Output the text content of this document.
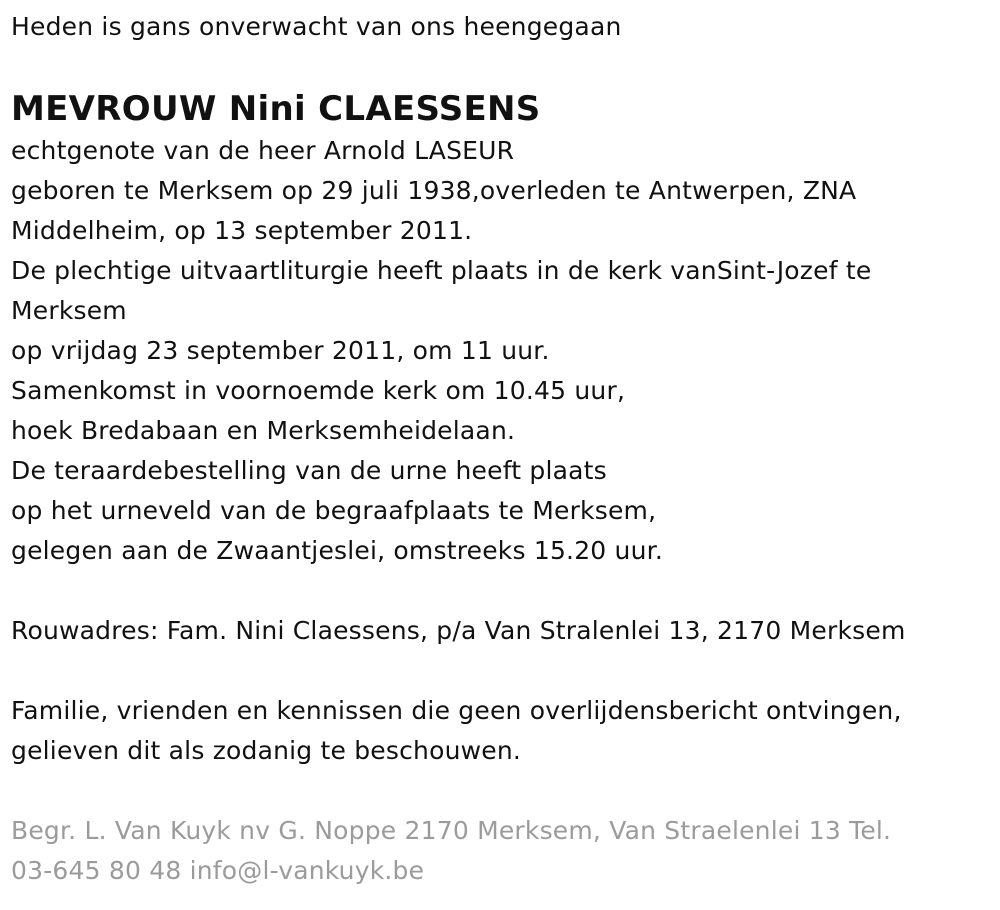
Heden is gans onverwacht van ons heengegaan
MEVROUW Nini CLAESSENS
echtgenote van de heer Arnold LASEUR
geboren te Merksem op 29 juli 1938,overleden te Antwerpen, ZNA
Middelheim, op 13 september 2011.
De plechtige uitvaartliturgie heeft plaats in de kerk vanSint-Jozef te
Merksem
op vrijdag 23 september 2011, om 11 uur.
Samenkomst in voornoemde kerk om 10.45 uur,
hoek Bredabaan en Merksemheidelaan.
De teraardebestelling van de urne heeft plaats
op het urneveld van de begraafplaats te Merksem,
gelegen aan de Zwaantjeslei, omstreeks 15.20 uur.
Rouwadres: Fam. Nini Claessens, p/a Van Stralenlei 13, 2170 Merksem
Familie, vrienden en kennissen die geen overlijdensbericht ontvingen,
gelieven dit als zodanig te beschouwen.
Begr. L. Van Kuyk nv G. Noppe 2170 Merksem, Van Straelenlei 13 Tel.
03-645 80 48 info@l-vankuyk.be
